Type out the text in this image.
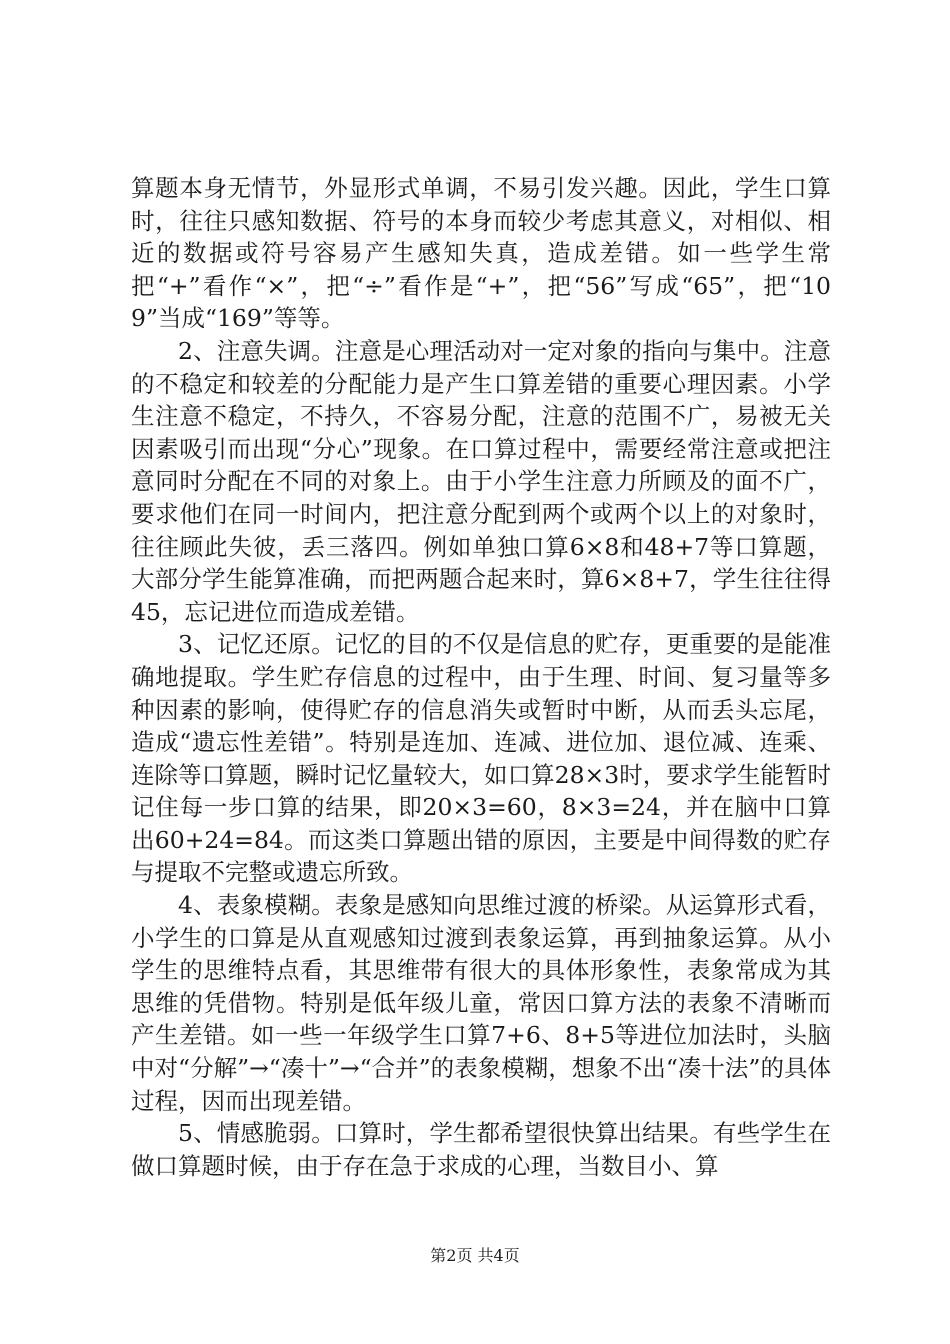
算题本身无情节，外显形式单调，不易引发兴趣。因此，学生口算时，往往只感知数据、符号的本身而较少考虑其意义，对相似、相近的数据或符号容易产生感知失真，造成差错。如一些学生常把“+”看作“×”，把“÷”看作是“+”，把“56”写成“65”，把“109”当成“169”等等。

2、注意失调。注意是心理活动对一定对象的指向与集中。注意的不稳定和较差的分配能力是产生口算差错的重要心理因素。小学生注意不稳定，不持久，不容易分配，注意的范围不广，易被无关因素吸引而出现“分心”现象。在口算过程中，需要经常注意或把注意同时分配在不同的对象上。由于小学生注意力所顾及的面不广，要求他们在同一时间内，把注意分配到两个或两个以上的对象时，往往顾此失彼，丢三落四。例如单独口算6×8和48+7等口算题，大部分学生能算准确，而把两题合起来时，算6×8+7，学生往往得45，忘记进位而造成差错。

3、记忆还原。记忆的目的不仅是信息的贮存，更重要的是能准确地提取。学生贮存信息的过程中，由于生理、时间、复习量等多种因素的影响，使得贮存的信息消失或暂时中断，从而丢头忘尾，造成“遗忘性差错”。特别是连加、连减、进位加、退位减、连乘、连除等口算题，瞬时记忆量较大，如口算28×3时，要求学生能暂时记住每一步口算的结果，即20×3=60，8×3=24，并在脑中口算出60+24=84。而这类口算题出错的原因，主要是中间得数的贮存与提取不完整或遗忘所致。

4、表象模糊。表象是感知向思维过渡的桥梁。从运算形式看，小学生的口算是从直观感知过渡到表象运算，再到抽象运算。从小学生的思维特点看，其思维带有很大的具体形象性，表象常成为其思维的凭借物。特别是低年级儿童，常因口算方法的表象不清晰而产生差错。如一些一年级学生口算7+6、8+5等进位加法时，头脑中对“分解”→“凑十”→“合并”的表象模糊，想象不出“凑十法”的具体过程，因而出现差错。

5、情感脆弱。口算时，学生都希望很快算出结果。有些学生在做口算题时候，由于存在急于求成的心理，当数目小、算

第2页 共4页
